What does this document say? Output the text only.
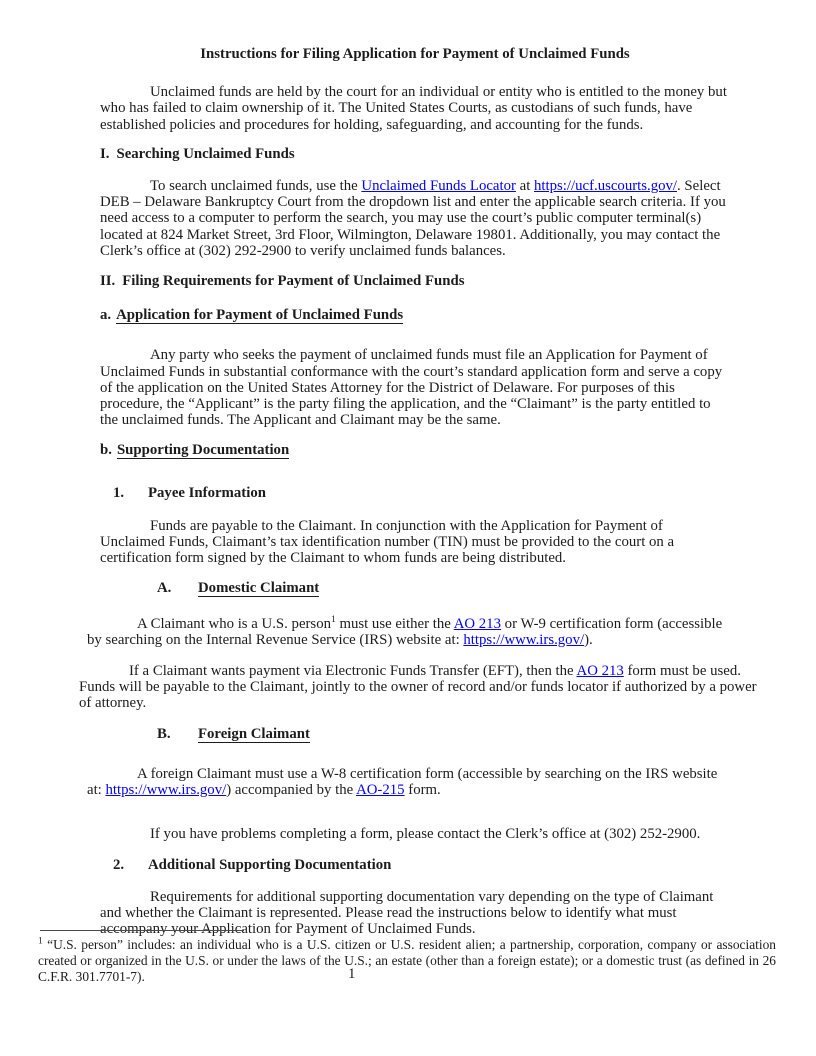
Instructions for Filing Application for Payment of Unclaimed Funds

Unclaimed funds are held by the court for an individual or entity who is entitled to the money but who has failed to claim ownership of it. The United States Courts, as custodians of such funds, have established policies and procedures for holding, safeguarding, and accounting for the funds.

I. Searching Unclaimed Funds

To search unclaimed funds, use the Unclaimed Funds Locator at https://ucf.uscourts.gov/. Select DEB – Delaware Bankruptcy Court from the dropdown list and enter the applicable search criteria. If you need access to a computer to perform the search, you may use the court’s public computer terminal(s) located at 824 Market Street, 3rd Floor, Wilmington, Delaware 19801. Additionally, you may contact the Clerk’s office at (302) 292-2900 to verify unclaimed funds balances.

II. Filing Requirements for Payment of Unclaimed Funds
a. Application for Payment of Unclaimed Funds

Any party who seeks the payment of unclaimed funds must file an Application for Payment of Unclaimed Funds in substantial conformance with the court’s standard application form and serve a copy of the application on the United States Attorney for the District of Delaware. For purposes of this procedure, the “Applicant” is the party filing the application, and the “Claimant” is the party entitled to the unclaimed funds. The Applicant and Claimant may be the same.

b. Supporting Documentation
1. Payee Information

Funds are payable to the Claimant. In conjunction with the Application for Payment of Unclaimed Funds, Claimant’s tax identification number (TIN) must be provided to the court on a certification form signed by the Claimant to whom funds are being distributed.

A. Domestic Claimant

A Claimant who is a U.S. person$^1$ must use either the AO 213 or W-9 certification form (accessible by searching on the Internal Revenue Service (IRS) website at: https://www.irs.gov/).

If a Claimant wants payment via Electronic Funds Transfer (EFT), then the AO 213 form must be used. Funds will be payable to the Claimant, jointly to the owner of record and/or funds locator if authorized by a power of attorney.

B. Foreign Claimant

A foreign Claimant must use a W-8 certification form (accessible by searching on the IRS website at: https://www.irs.gov/) accompanied by the AO-215 form.

If you have problems completing a form, please contact the Clerk’s office at (302) 252-2900.

2. Additional Supporting Documentation

Requirements for additional supporting documentation vary depending on the type of Claimant and whether the Claimant is represented. Please read the instructions below to identify what must accompany your Application for Payment of Unclaimed Funds.

$^1$ “U.S. person” includes: an individual who is a U.S. citizen or U.S. resident alien; a partnership, corporation, company or association created or organized in the U.S. or under the laws of the U.S.; an estate (other than a foreign estate); or a domestic trust (as defined in 26 C.F.R. 301.7701-7).	1
